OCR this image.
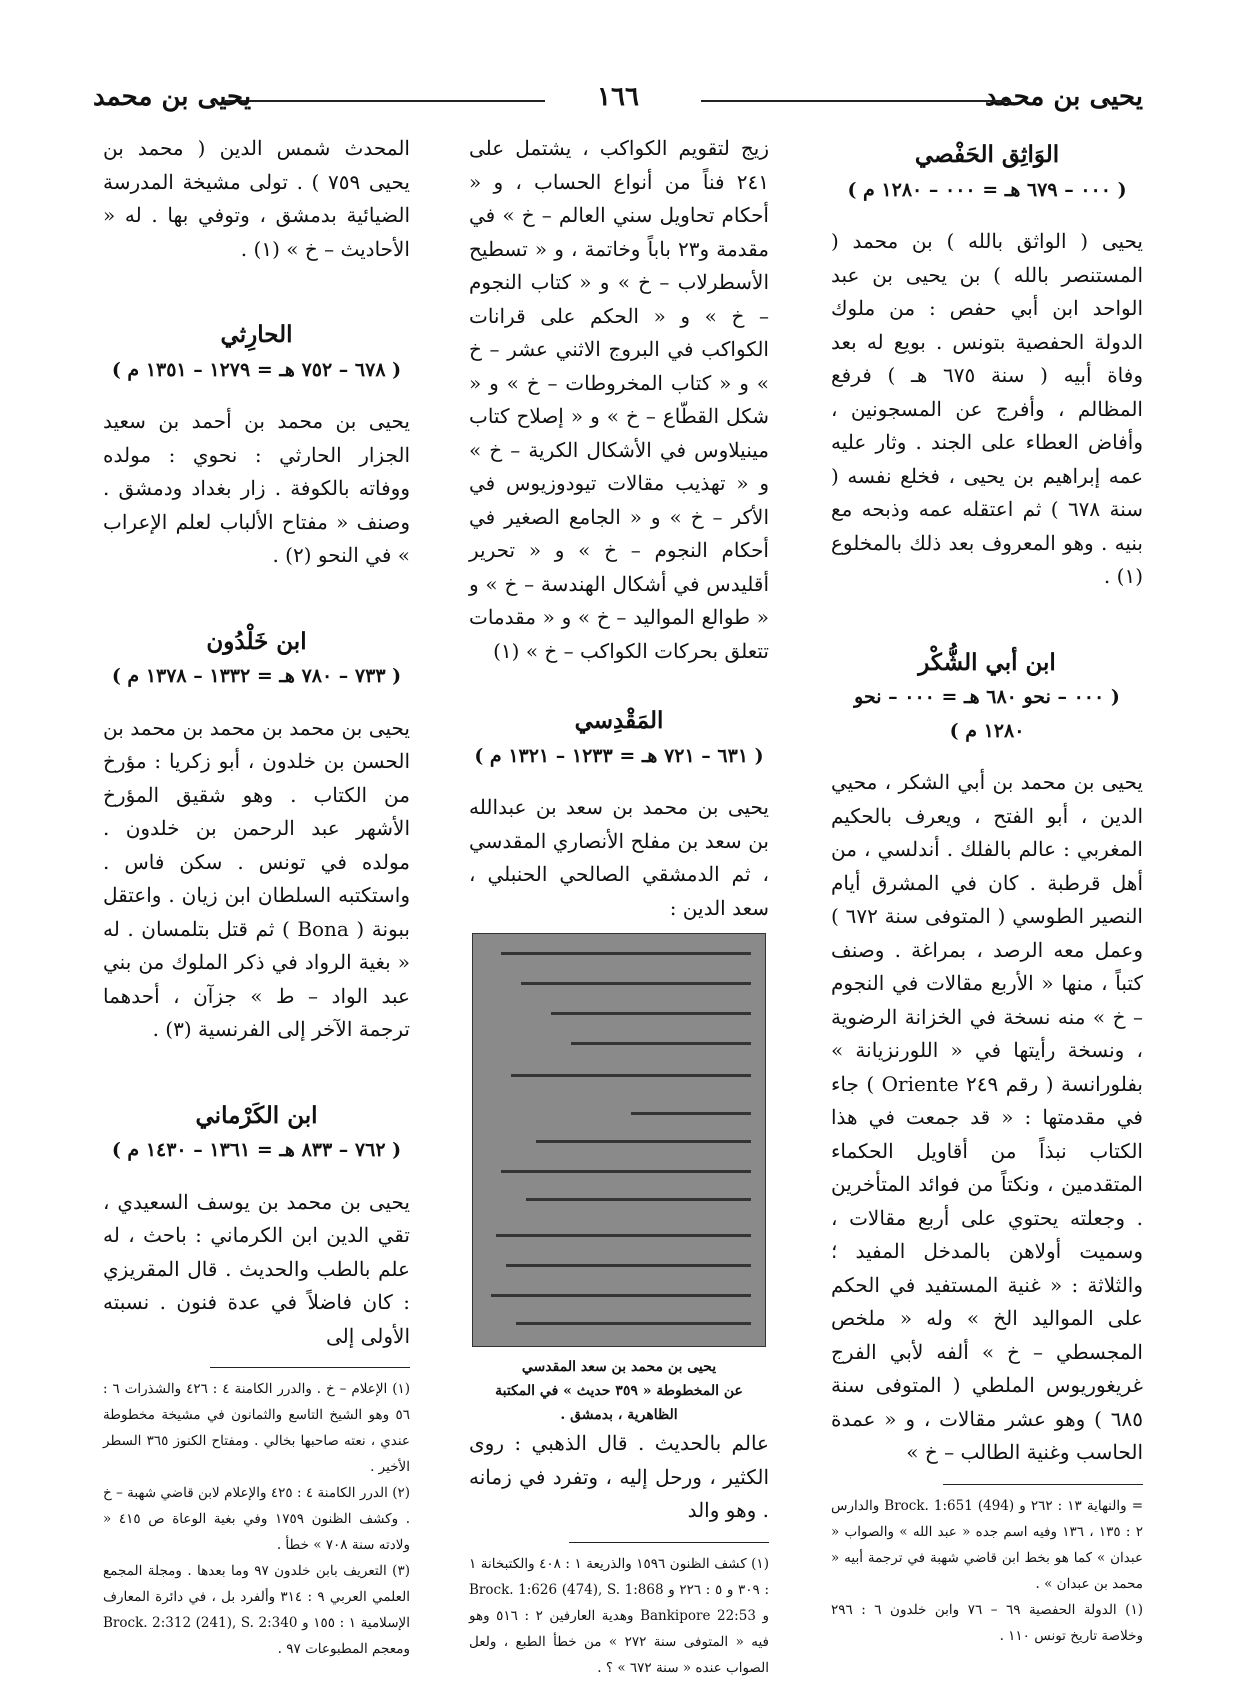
يحيى بن محمد
١٦٦
يحيى بن محمد
الوَاثِق الحَفْصي
( ٠٠٠ – ٦٧٩ هـ = ٠٠٠ – ١٢٨٠ م )

يحيى ( الواثق بالله ) بن محمد ( المستنصر بالله ) بن يحيى بن عبد الواحد ابن أبي حفص : من ملوك الدولة الحفصية بتونس . بويع له بعد وفاة أبيه ( سنة ٦٧٥ هـ ) فرفع المظالم ، وأفرج عن المسجونين ، وأفاض العطاء على الجند . وثار عليه عمه إبراهيم بن يحيى ، فخلع نفسه ( سنة ٦٧٨ ) ثم اعتقله عمه وذبحه مع بنيه . وهو المعروف بعد ذلك بالمخلوع (١) .

ابن أبي الشُّكْر
( ٠٠٠ – نحو ٦٨٠ هـ = ٠٠٠ – نحو ١٢٨٠ م )

يحيى بن محمد بن أبي الشكر ، محيي الدين ، أبو الفتح ، ويعرف بالحكيم المغربي : عالم بالفلك . أندلسي ، من أهل قرطبة . كان في المشرق أيام النصير الطوسي ( المتوفى سنة ٦٧٢ ) وعمل معه الرصد ، بمراغة . وصنف كتباً ، منها « الأربع مقالات في النجوم – خ » منه نسخة في الخزانة الرضوية ، ونسخة رأيتها في « اللورنزيانة » بفلورانسة ( رقم ٢٤٩ Oriente ) جاء في مقدمتها : « قد جمعت في هذا الكتاب نبذاً من أقاويل الحكماء المتقدمين ، ونكتاً من فوائد المتأخرين . وجعلته يحتوي على أربع مقالات ، وسميت أولاهن بالمدخل المفيد ؛ والثلاثة : « غنية المستفيد في الحكم على المواليد الخ » وله « ملخص المجسطي – خ » ألفه لأبي الفرج غريغوريوس الملطي ( المتوفى سنة ٦٨٥ ) وهو عشر مقالات ، و « عمدة الحاسب وغنية الطالب – خ »

= والنهاية ١٣ : ٢٦٢ و Brock. 1:651 (494) والدارس ٢ : ١٣٥ ، ١٣٦ وفيه اسم جده « عبد الله » والصواب « عبدان » كما هو بخط ابن قاضي شهبة في ترجمة أبيه « محمد بن عبدان » .
(١) الدولة الحفصية ٦٩ – ٧٦ وابن خلدون ٦ : ٢٩٦ وخلاصة تاريخ تونس ١١٠ .

زيج لتقويم الكواكب ، يشتمل على ٢٤١ فناً من أنواع الحساب ، و « أحكام تحاويل سني العالم – خ » في مقدمة و٢٣ باباً وخاتمة ، و « تسطيح الأسطرلاب – خ » و « كتاب النجوم – خ » و « الحكم على قرانات الكواكب في البروج الاثني عشر – خ » و « كتاب المخروطات – خ » و « شكل القطّاع – خ » و « إصلاح كتاب مينيلاوس في الأشكال الكرية – خ » و « تهذيب مقالات تيودوزيوس في الأكر – خ » و « الجامع الصغير في أحكام النجوم – خ » و « تحرير أقليدس في أشكال الهندسة – خ » و « طوالع المواليد – خ » و « مقدمات تتعلق بحركات الكواكب – خ » (١)

المَقْدِسي
( ٦٣١ – ٧٢١ هـ = ١٢٣٣ – ١٣٢١ م )

يحيى بن محمد بن سعد بن عبدالله بن سعد بن مفلح الأنصاري المقدسي ، ثم الدمشقي الصالحي الحنبلي ، سعد الدين :

يحيى بن محمد بن سعد المقدسي
عن المخطوطة « ٣٥٩ حديث » في المكتبة الظاهرية ، بدمشق .

عالم بالحديث . قال الذهبي : روى الكثير ، ورحل إليه ، وتفرد في زمانه . وهو والد

(١) كشف الظنون ١٥٩٦ والذريعة ١ : ٤٠٨ والكتبخانة ١ : ٣٠٩ و ٥ : ٢٢٦ و Brock. 1:626 (474), S. 1:868 و Bankipore 22:53 وهدية العارفين ٢ : ٥١٦ وهو فيه « المتوفى سنة ٢٧٢ » من خطأ الطبع ، ولعل الصواب عنده « سنة ٦٧٢ » ؟ .

المحدث شمس الدين ( محمد بن يحيى ٧٥٩ ) . تولى مشيخة المدرسة الضيائية بدمشق ، وتوفي بها . له « الأحاديث – خ » (١) .

الحارِثي
( ٦٧٨ – ٧٥٢ هـ = ١٢٧٩ – ١٣٥١ م )

يحيى بن محمد بن أحمد بن سعيد الجزار الحارثي : نحوي : مولده ووفاته بالكوفة . زار بغداد ودمشق . وصنف « مفتاح الألباب لعلم الإعراب » في النحو (٢) .

ابن خَلْدُون
( ٧٣٣ – ٧٨٠ هـ = ١٣٣٢ – ١٣٧٨ م )

يحيى بن محمد بن محمد بن محمد بن الحسن بن خلدون ، أبو زكريا : مؤرخ من الكتاب . وهو شقيق المؤرخ الأشهر عبد الرحمن بن خلدون . مولده في تونس . سكن فاس . واستكتبه السلطان ابن زيان . واعتقل ببونة ( Bona ) ثم قتل بتلمسان . له « بغية الرواد في ذكر الملوك من بني عبد الواد – ط » جزآن ، أحدهما ترجمة الآخر إلى الفرنسية (٣) .

ابن الكَرْماني
( ٧٦٢ – ٨٣٣ هـ = ١٣٦١ – ١٤٣٠ م )

يحيى بن محمد بن يوسف السعيدي ، تقي الدين ابن الكرماني : باحث ، له علم بالطب والحديث . قال المقريزي : كان فاضلاً في عدة فنون . نسبته الأولى إلى

(١) الإعلام – خ . والدرر الكامنة ٤ : ٤٢٦ والشذرات ٦ : ٥٦ وهو الشيخ التاسع والثمانون في مشيخة مخطوطة عندي ، نعته صاحبها بخالي . ومفتاح الكنوز ٣٦٥ السطر الأخير .
(٢) الدرر الكامنة ٤ : ٤٢٥ والإعلام لابن قاضي شهبة – خ . وكشف الظنون ١٧٥٩ وفي بغية الوعاة ص ٤١٥ « ولادته سنة ٧٠٨ » خطأ .
(٣) التعريف بابن خلدون ٩٧ وما بعدها . ومجلة المجمع العلمي العربي ٩ : ٣١٤ وألفرد بل ، في دائرة المعارف الإسلامية ١ : ١٥٥ و Brock. 2:312 (241), S. 2:340 ومعجم المطبوعات ٩٧ .
